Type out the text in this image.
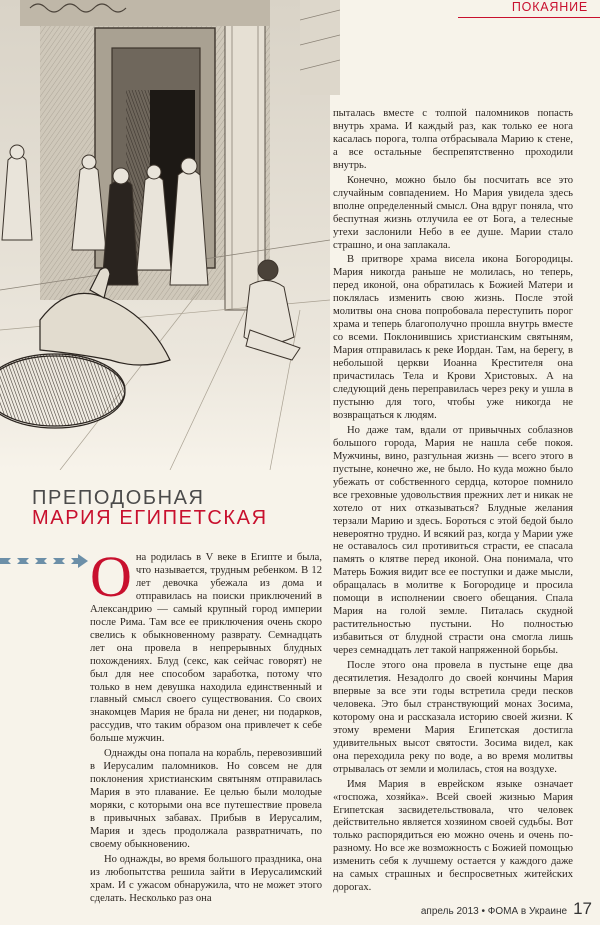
ПОКАЯНИЕ
ПРЕПОДОБНАЯ
МАРИЯ ЕГИПЕТСКАЯ

Она родилась в V веке в Египте и была, что называется, трудным ребенком. В 12 лет девочка убежала из дома и отправилась на поиски приключений в Александрию — самый крупный город империи после Рима. Там все ее приключения очень скоро свелись к обыкновенному разврату. Семнадцать лет она провела в непрерывных блудных похождениях. Блуд (секс, как сейчас говорят) не был для нее способом заработка, потому что только в нем девушка находила единственный и главный смысл своего существования. Со своих знакомцев Мария не брала ни денег, ни подарков, рассудив, что таким образом она привлечет к себе больше мужчин.

Однажды она попала на корабль, перевозивший в Иерусалим паломников. Но совсем не для поклонения христианским святыням отправилась Мария в это плавание. Ее целью были молодые моряки, с которыми она все путешествие провела в привычных забавах. Прибыв в Иерусалим, Мария и здесь продолжала развратничать, по своему обыкновению.

Но однажды, во время большого праздника, она из любопытства решила зайти в Иерусалимский храм. И с ужасом обнаружила, что не может этого сделать. Несколько раз она

пыталась вместе с толпой паломников попасть внутрь храма. И каждый раз, как только ее нога касалась порога, толпа отбрасывала Марию к стене, а все остальные беспрепятственно проходили внутрь.

Конечно, можно было бы посчитать все это случайным совпадением. Но Мария увидела здесь вполне определенный смысл. Она вдруг поняла, что беспутная жизнь отлучила ее от Бога, а телесные утехи заслонили Небо в ее душе. Марии стало страшно, и она заплакала.

В притворе храма висела икона Богородицы. Мария никогда раньше не молилась, но теперь, перед иконой, она обратилась к Божией Матери и поклялась изменить свою жизнь. После этой молитвы она снова попробовала переступить порог храма и теперь благополучно прошла внутрь вместе со всеми. Поклонившись христианским святыням, Мария отправилась к реке Иордан. Там, на берегу, в небольшой церкви Иоанна Крестителя она причастилась Тела и Крови Христовых. А на следующий день переправилась через реку и ушла в пустыню для того, чтобы уже никогда не возвращаться к людям.

Но даже там, вдали от привычных соблазнов большого города, Мария не нашла себе покоя. Мужчины, вино, разгульная жизнь — всего этого в пустыне, конечно же, не было. Но куда можно было убежать от собственного сердца, которое помнило все греховные удовольствия прежних лет и никак не хотело от них отказываться? Блудные желания терзали Марию и здесь. Бороться с этой бедой было невероятно трудно. И всякий раз, когда у Марии уже не оставалось сил противиться страсти, ее спасала память о клятве перед иконой. Она понимала, что Матерь Божия видит все ее поступки и даже мысли, обращалась в молитве к Богородице и просила помощи в исполнении своего обещания. Спала Мария на голой земле. Питалась скудной растительностью пустыни. Но полностью избавиться от блудной страсти она смогла лишь через семнадцать лет такой напряженной борьбы.

После этого она провела в пустыне еще два десятилетия. Незадолго до своей кончины Мария впервые за все эти годы встретила среди песков человека. Это был странствующий монах Зосима, которому она и рассказала историю своей жизни. К этому времени Мария Египетская достигла удивительных высот святости. Зосима видел, как она переходила реку по воде, а во время молитвы отрывалась от земли и молилась, стоя на воздухе.

Имя Мария в еврейском языке означает «госпожа, хозяйка». Всей своей жизнью Мария Египетская засвидетельствовала, что человек действительно является хозяином своей судьбы. Вот только распорядиться ею можно очень и очень по-разному. Но все же возможность с Божией помощью изменить себя к лучшему остается у каждого даже на самых страшных и беспросветных житейских дорогах.

апрель 2013 • ФОМА в Украине 17
